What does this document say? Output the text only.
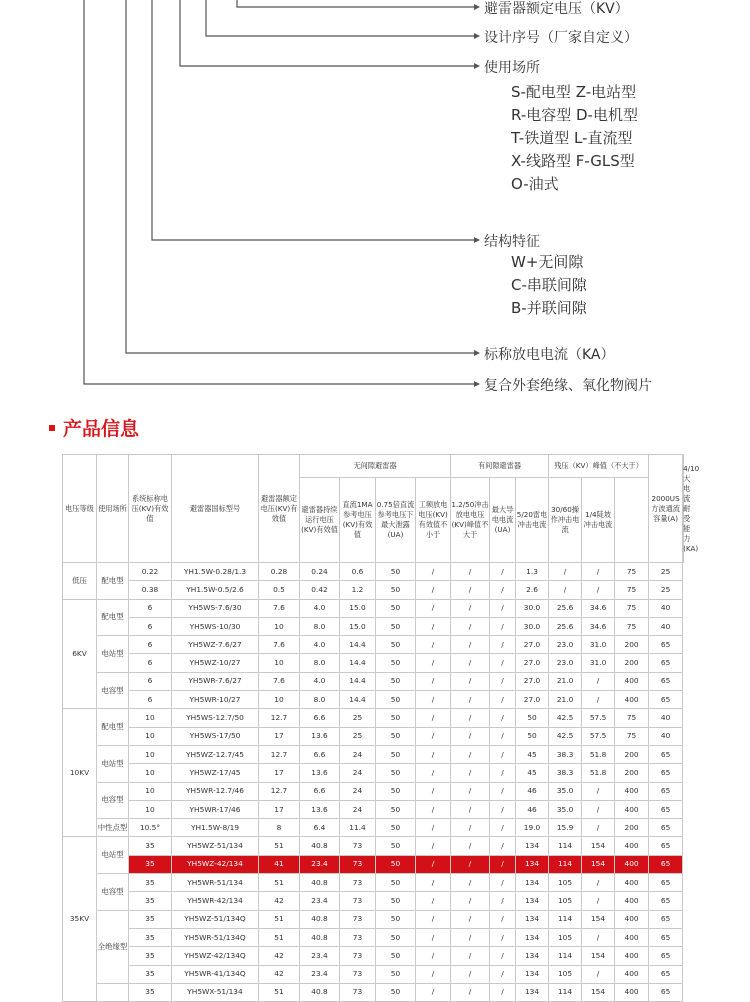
避雷器额定电压（KV）
设计序号（厂家自定义）
使用场所
S-配电型 Z-电站型
R-电容型 D-电机型
T-铁道型 L-直流型
X-线路型 F-GLS型
O-油式
结构特征
W+无间隙
C-串联间隙
B-并联间隙
标称放电电流（KA）
复合外套绝缘、氧化物阀片
产品信息
电压等级	使用场所	系统标称电压(KV)有效值	避雷器国标型号	避雷器额定电压(KV)有效值	无间隙避雷器				有间隙避雷器			残压（KV）峰值（不大于）			2000US方波通流容量(A)	4/10大电流耐受能力(KA)
					避雷器持续运行电压(KV)有效值	直流1MA参考电压(KV)有效值	0.75倍直流参考电压下最大泄露(UA)	工频放电电压(KV)有效值不小于	1.2/50冲击放电电压(KV)峰值不大于	最大导电电流(UA)	5/20雷电冲击电流	30/60操作冲击电流	1/4陡坡冲击电流			
低压	配电型	0.22	YH1.5W-0.28/1.3	0.28	0.24	0.6	50	/	/	/	1.3	/	/	75	25	
		0.38	YH1.5W-0.5/2.6	0.5	0.42	1.2	50	/	/	/	2.6	/	/	75	25	
6KV	配电型	6	YH5WS-7.6/30	7.6	4.0	15.0	50	/	/	/	30.0	25.6	34.6	75	40	
		6	YH5WS-10/30	10	8.0	15.0	50	/	/	/	30.0	25.6	34.6	75	40	
	电站型	6	YH5WZ-7.6/27	7.6	4.0	14.4	50	/	/	/	27.0	23.0	31.0	200	65	
		6	YH5WZ-10/27	10	8.0	14.4	50	/	/	/	27.0	23.0	31.0	200	65	
	电容型	6	YH5WR-7.6/27	7.6	4.0	14.4	50	/	/	/	27.0	21.0	/	400	65	
		6	YH5WR-10/27	10	8.0	14.4	50	/	/	/	27.0	21.0	/	400	65	
10KV	配电型	10	YH5WS-12.7/50	12.7	6.6	25	50	/	/	/	50	42.5	57.5	75	40	
		10	YH5WS-17/50	17	13.6	25	50	/	/	/	50	42.5	57.5	75	40	
	电站型	10	YH5WZ-12.7/45	12.7	6.6	24	50	/	/	/	45	38.3	51.8	200	65	
		10	YH5WZ-17/45	17	13.6	24	50	/	/	/	45	38.3	51.8	200	65	
	电容型	10	YH5WR-12.7/46	12.7	6.6	24	50	/	/	/	46	35.0	/	400	65	
		10	YH5WR-17/46	17	13.6	24	50	/	/	/	46	35.0	/	400	65	
	中性点型	10.5°	YH1.5W-8/19	8	6.4	11.4	50	/	/	/	19.0	15.9	/	200	65	
35KV	电站型	35	YH5WZ-51/134	51	40.8	73	50	/	/	/	134	114	154	400	65	
		35	YH5WZ-42/134	41	23.4	73	50	/	/	/	134	114	154	400	65	
	电容型	35	YH5WR-51/134	51	40.8	73	50	/	/	/	134	105	/	400	65	
		35	YH5WR-42/134	42	23.4	73	50	/	/	/	134	105	/	400	65	
	全绝缘型	35	YH5WZ-51/134Q	51	40.8	73	50	/	/	/	134	114	154	400	65	
		35	YH5WR-51/134Q	51	40.8	73	50	/	/	/	134	105	/	400	65	
		35	YH5WZ-42/134Q	42	23.4	73	50	/	/	/	134	114	154	400	65	
		35	YH5WR-41/134Q	42	23.4	73	50	/	/	/	134	105	/	400	65	
		35	YH5WX-51/134	51	40.8	73	50	/	/	/	134	114	154	400	65	
